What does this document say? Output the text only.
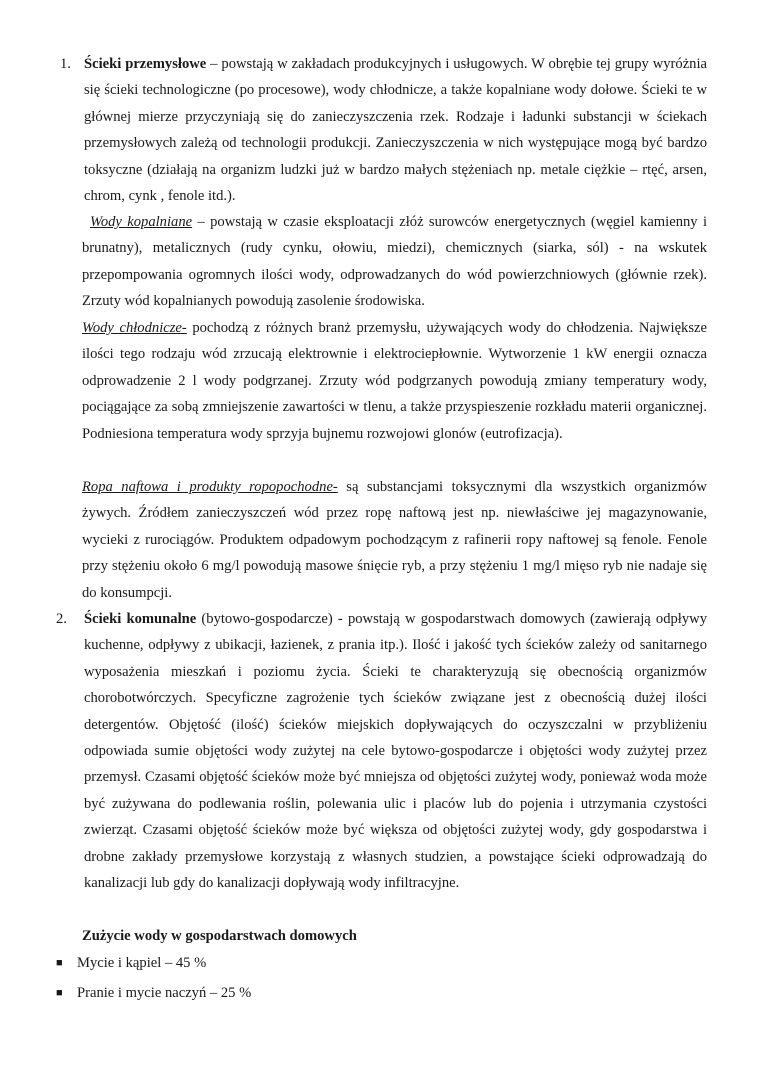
1. Ścieki przemysłowe – powstają w zakładach produkcyjnych i usługowych. W obrębie tej grupy wyróżnia się ścieki technologiczne (po procesowe), wody chłodnicze, a także kopalniane wody dołowe. Ścieki te w głównej mierze przyczyniają się do zanieczyszczenia rzek. Rodzaje i ładunki substancji w ściekach przemysłowych zależą od technologii produkcji. Zanieczyszczenia w nich występujące mogą być bardzo toksyczne (działają na organizm ludzki już w bardzo małych stężeniach np. metale ciężkie – rtęć, arsen, chrom, cynk , fenole itd.).
Wody kopalniane – powstają w czasie eksploatacji złóż surowców energetycznych (węgiel kamienny i brunatny), metalicznych (rudy cynku, ołowiu, miedzi), chemicznych (siarka, sól) - na wskutek przepompowania ogromnych ilości wody, odprowadzanych do wód powierzchniowych (głównie rzek). Zrzuty wód kopalnianych powodują zasolenie środowiska.
Wody chłodnicze- pochodzą z różnych branż przemysłu, używających wody do chłodzenia. Największe ilości tego rodzaju wód zrzucają elektrownie i elektrociepłownie. Wytworzenie 1 kW energii oznacza odprowadzenie 2 l wody podgrzanej. Zrzuty wód podgrzanych powodują zmiany temperatury wody, pociągające za sobą zmniejszenie zawartości w tlenu, a także przyspieszenie rozkładu materii organicznej. Podniesiona temperatura wody sprzyja bujnemu rozwojowi glonów (eutrofizacja).
Ropa naftowa i produkty ropopochodne- są substancjami toksycznymi dla wszystkich organizmów żywych. Źródłem zanieczyszczeń wód przez ropę naftową jest np. niewłaściwe jej magazynowanie, wycieki z rurociągów. Produktem odpadowym pochodzącym z rafinerii ropy naftowej są fenole. Fenole przy stężeniu około 6 mg/l powodują masowe śnięcie ryb, a przy stężeniu 1 mg/l mięso ryb nie nadaje się do konsumpcji.
2. Ścieki komunalne (bytowo-gospodarcze) - powstają w gospodarstwach domowych (zawierają odpływy kuchenne, odpływy z ubikacji, łazienek, z prania itp.). Ilość i jakość tych ścieków zależy od sanitarnego wyposażenia mieszkań i poziomu życia. Ścieki te charakteryzują się obecnością organizmów chorobotwórczych. Specyficzne zagrożenie tych ścieków związane jest z obecnością dużej ilości detergentów. Objętość (ilość) ścieków miejskich dopływających do oczyszczalni w przybliżeniu odpowiada sumie objętości wody zużytej na cele bytowo-gospodarcze i objętości wody zużytej przez przemysł. Czasami objętość ścieków może być mniejsza od objętości zużytej wody, ponieważ woda może być zużywana do podlewania roślin, polewania ulic i placów lub do pojenia i utrzymania czystości zwierząt. Czasami objętość ścieków może być większa od objętości zużytej wody, gdy gospodarstwa i drobne zakłady przemysłowe korzystają z własnych studzien, a powstające ścieki odprowadzają do kanalizacji lub gdy do kanalizacji dopływają wody infiltracyjne.
Zużycie wody w gospodarstwach domowych
■ Mycie i kąpiel – 45 %
■ Pranie i mycie naczyń – 25 %
